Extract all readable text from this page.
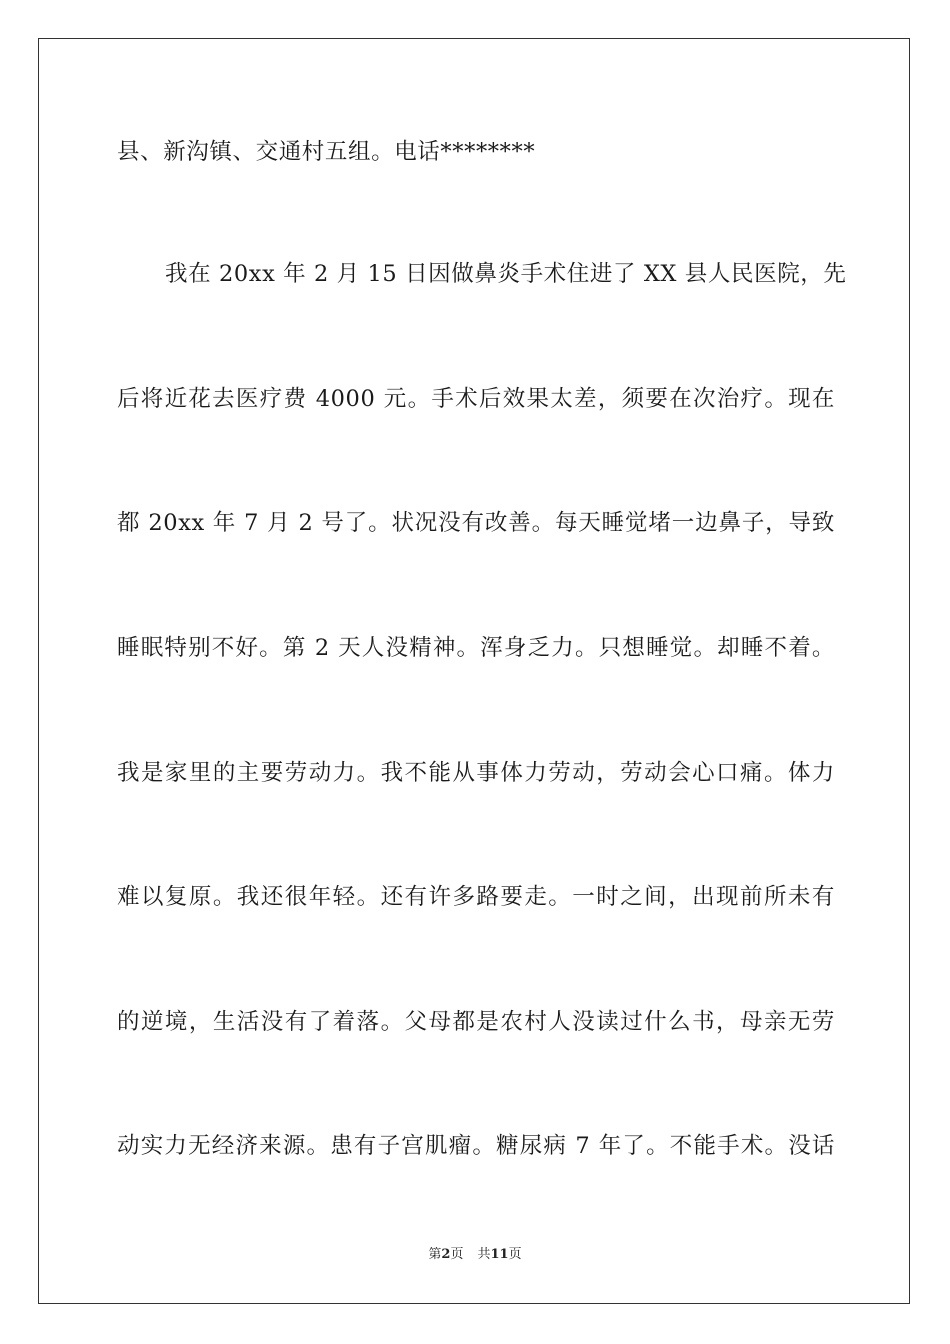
县、新沟镇、交通村五组。电话********
我在 20xx 年 2 月 15 日因做鼻炎手术住进了 XX 县人民医院，先
后将近花去医疗费 4000 元。手术后效果太差，须要在次治疗。现在
都 20xx 年 7 月 2 号了。状况没有改善。每天睡觉堵一边鼻子，导致
睡眠特别不好。第 2 天人没精神。浑身乏力。只想睡觉。却睡不着。
我是家里的主要劳动力。我不能从事体力劳动，劳动会心口痛。体力
难以复原。我还很年轻。还有许多路要走。一时之间，出现前所未有
的逆境，生活没有了着落。父母都是农村人没读过什么书，母亲无劳
动实力无经济来源。患有子宫肌瘤。糖尿病 7 年了。不能手术。没话
第2页 共11页
